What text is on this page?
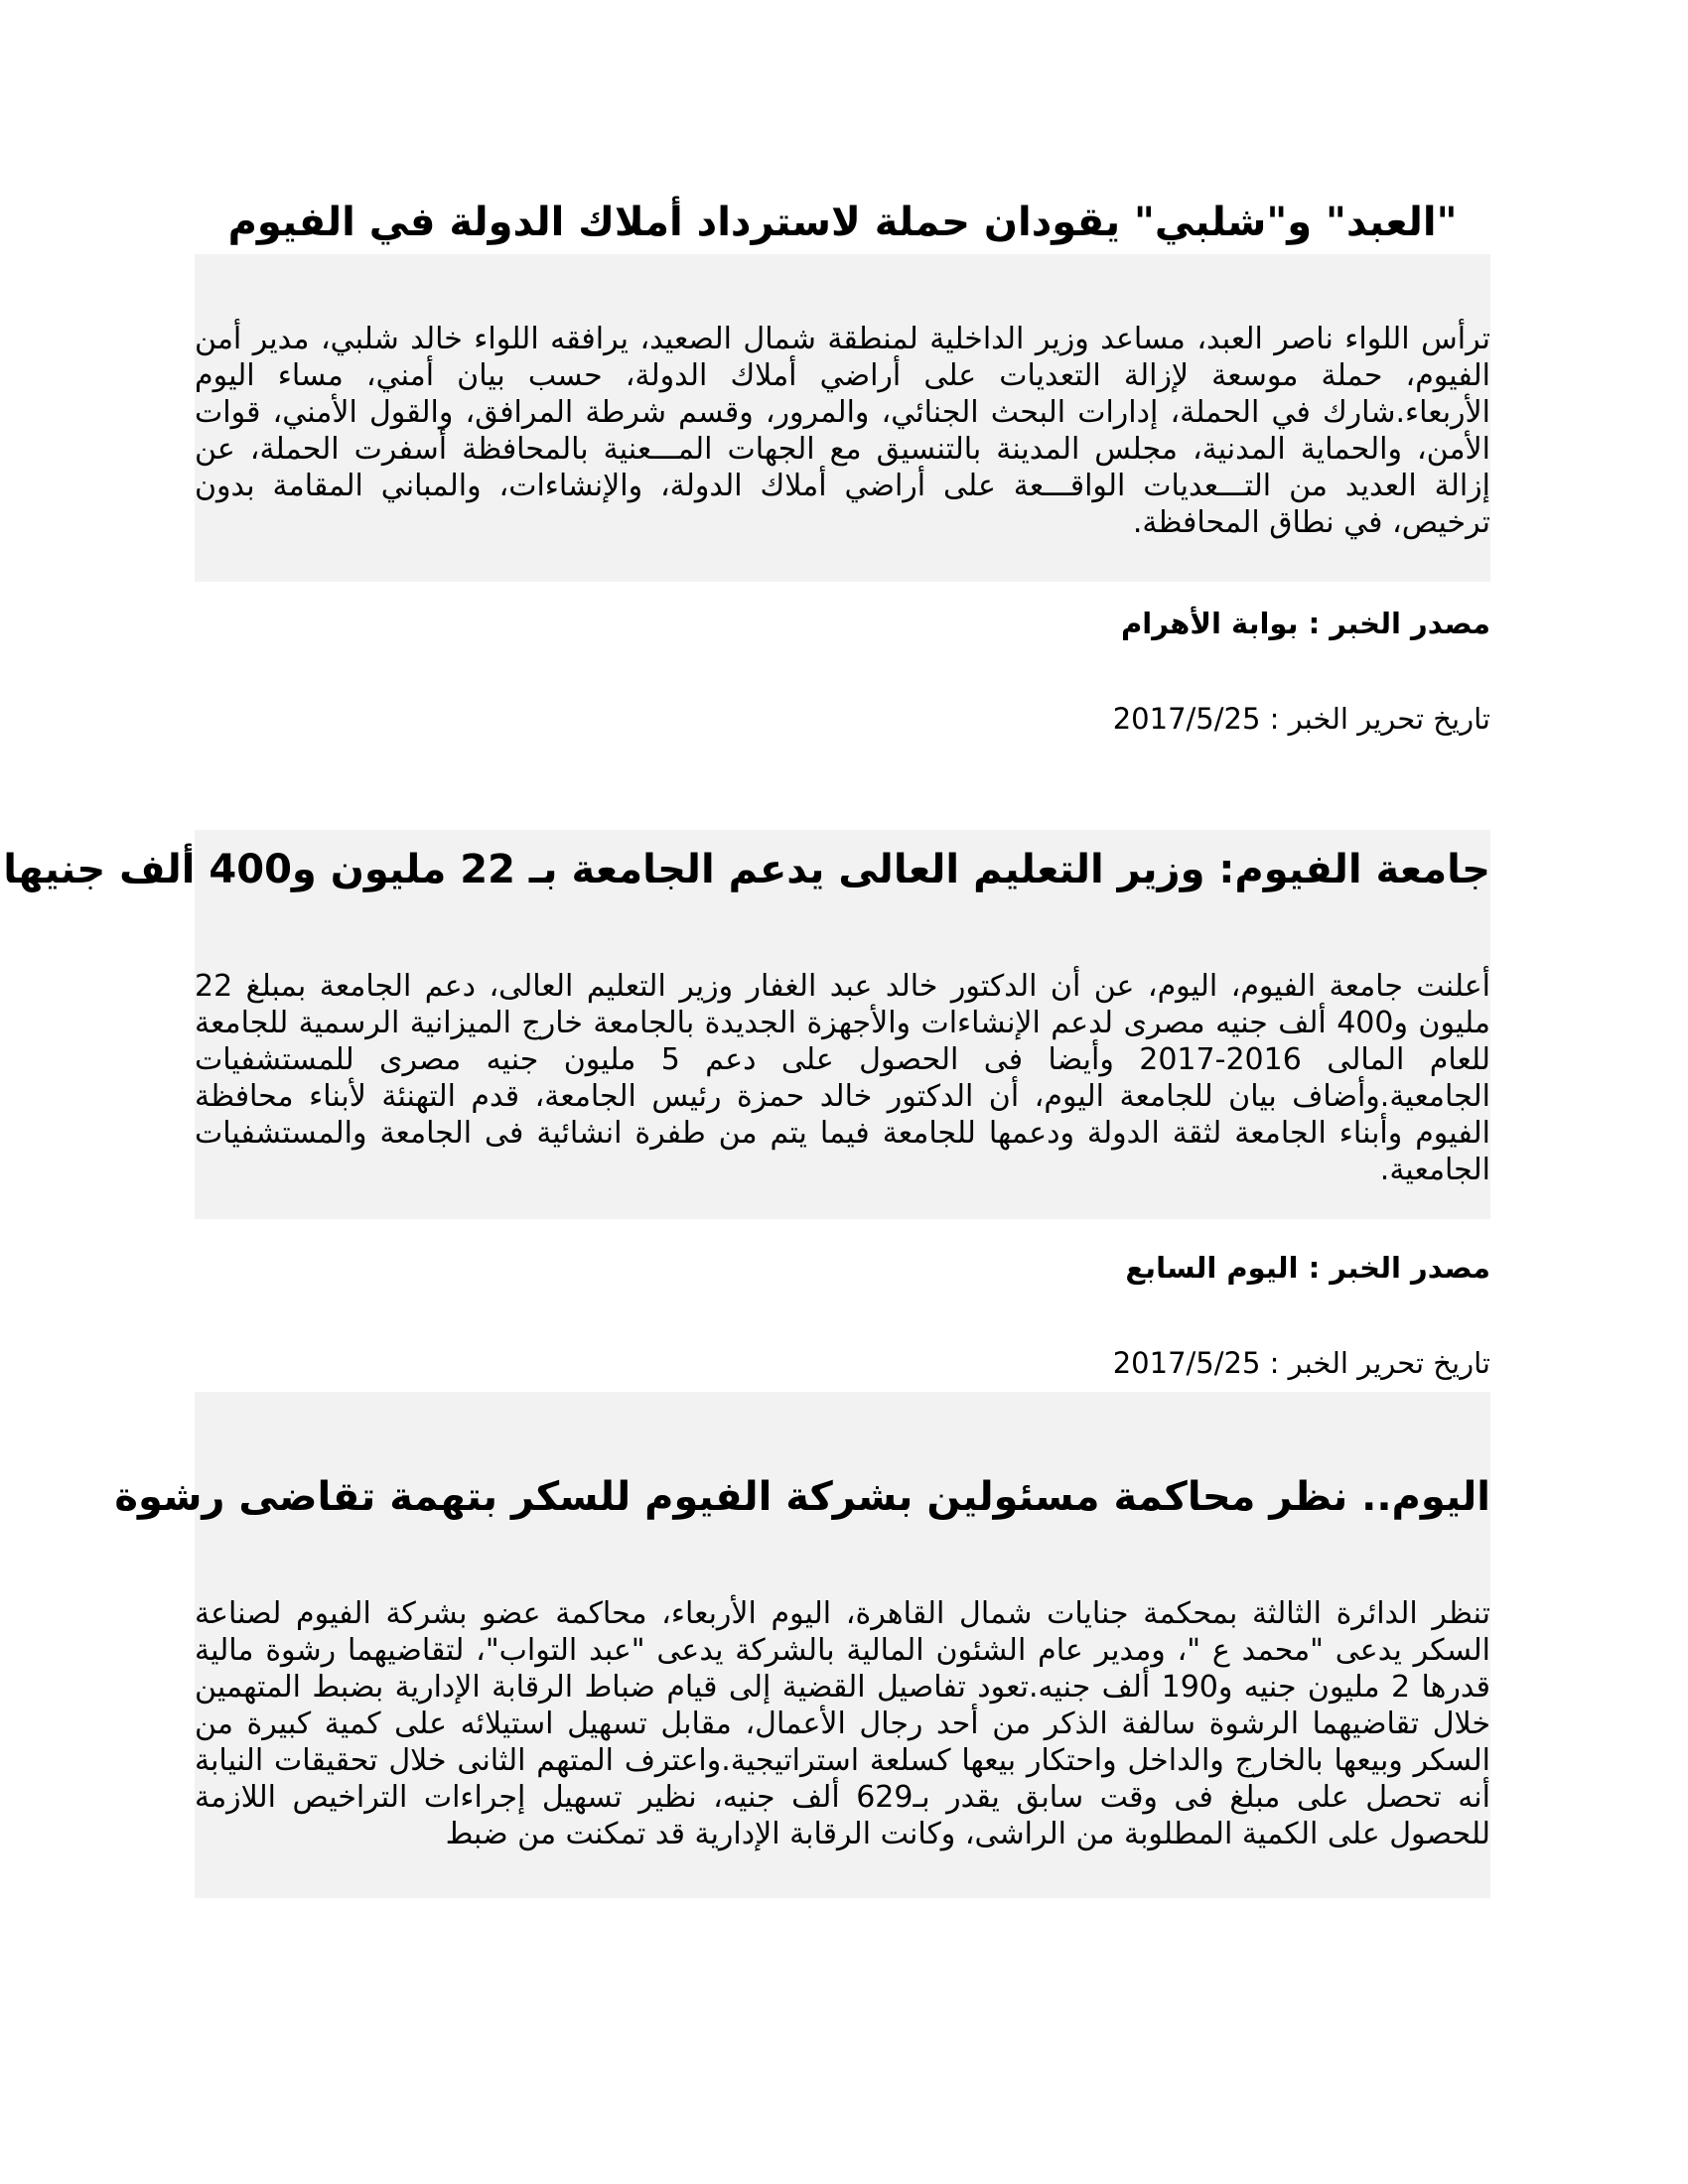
"العبد" و"شلبي" يقودان حملة لاسترداد أملاك الدولة في الفيوم
ترأس اللواء ناصر العبد، مساعد وزير الداخلية لمنطقة شمال الصعيد، يرافقه اللواء خالد شلبي، مدير أمن الفيوم، حملة موسعة لإزالة التعديات على أراضي أملاك الدولة، حسب بيان أمني، مساء اليوم الأربعاء.شارك في الحملة، إدارات البحث الجنائي، والمرور، وقسم شرطة المرافق، والقول الأمني، قوات الأمن، والحماية المدنية، مجلس المدينة بالتنسيق مع الجهات المـــعنية بالمحافظة أسفرت الحملة، عن إزالة العديد من التـــعديات الواقـــعة على أراضي أملاك الدولة، والإنشاءات، والمباني المقامة بدون ترخيص، في نطاق المحافظة.
مصدر الخبر : بوابة الأهرام
تاريخ تحرير الخبر : 2017/5/25
جامعة الفيوم: وزير التعليم العالى يدعم الجامعة بـ 22 مليون و400 ألف جنيها
أعلنت جامعة الفيوم، اليوم، عن أن الدكتور خالد عبد الغفار وزير التعليم العالى، دعم الجامعة بمبلغ 22 مليون و400 ألف جنيه مصرى لدعم الإنشاءات والأجهزة الجديدة بالجامعة خارج الميزانية الرسمية للجامعة للعام المالى 2016-2017 وأيضا فى الحصول على دعم 5 مليون جنيه مصرى للمستشفيات الجامعية.وأضاف بيان للجامعة اليوم، أن الدكتور خالد حمزة رئيس الجامعة، قدم التهنئة لأبناء محافظة الفيوم وأبناء الجامعة لثقة الدولة ودعمها للجامعة فيما يتم من طفرة انشائية فى الجامعة والمستشفيات الجامعية.
مصدر الخبر : اليوم السابع
تاريخ تحرير الخبر : 2017/5/25
اليوم.. نظر محاكمة مسئولين بشركة الفيوم للسكر بتهمة تقاضى رشوة
تنظر الدائرة الثالثة بمحكمة جنايات شمال القاهرة، اليوم الأربعاء، محاكمة عضو بشركة الفيوم لصناعة السكر يدعى "محمد ع "، ومدير عام الشئون المالية بالشركة يدعى "عبد التواب"، لتقاضيهما رشوة مالية قدرها 2 مليون جنيه و190 ألف جنيه.تعود تفاصيل القضية إلى قيام ضباط الرقابة الإدارية بضبط المتهمين خلال تقاضيهما الرشوة سالفة الذكر من أحد رجال الأعمال، مقابل تسهيل استيلائه على كمية كبيرة من السكر وبيعها بالخارج والداخل واحتكار بيعها كسلعة استراتيجية.واعترف المتهم الثانى خلال تحقيقات النيابة أنه تحصل على مبلغ فى وقت سابق يقدر بـ629 ألف جنيه، نظير تسهيل إجراءات التراخيص اللازمة للحصول على الكمية المطلوبة من الراشى، وكانت الرقابة الإدارية قد تمكنت من ضبط
